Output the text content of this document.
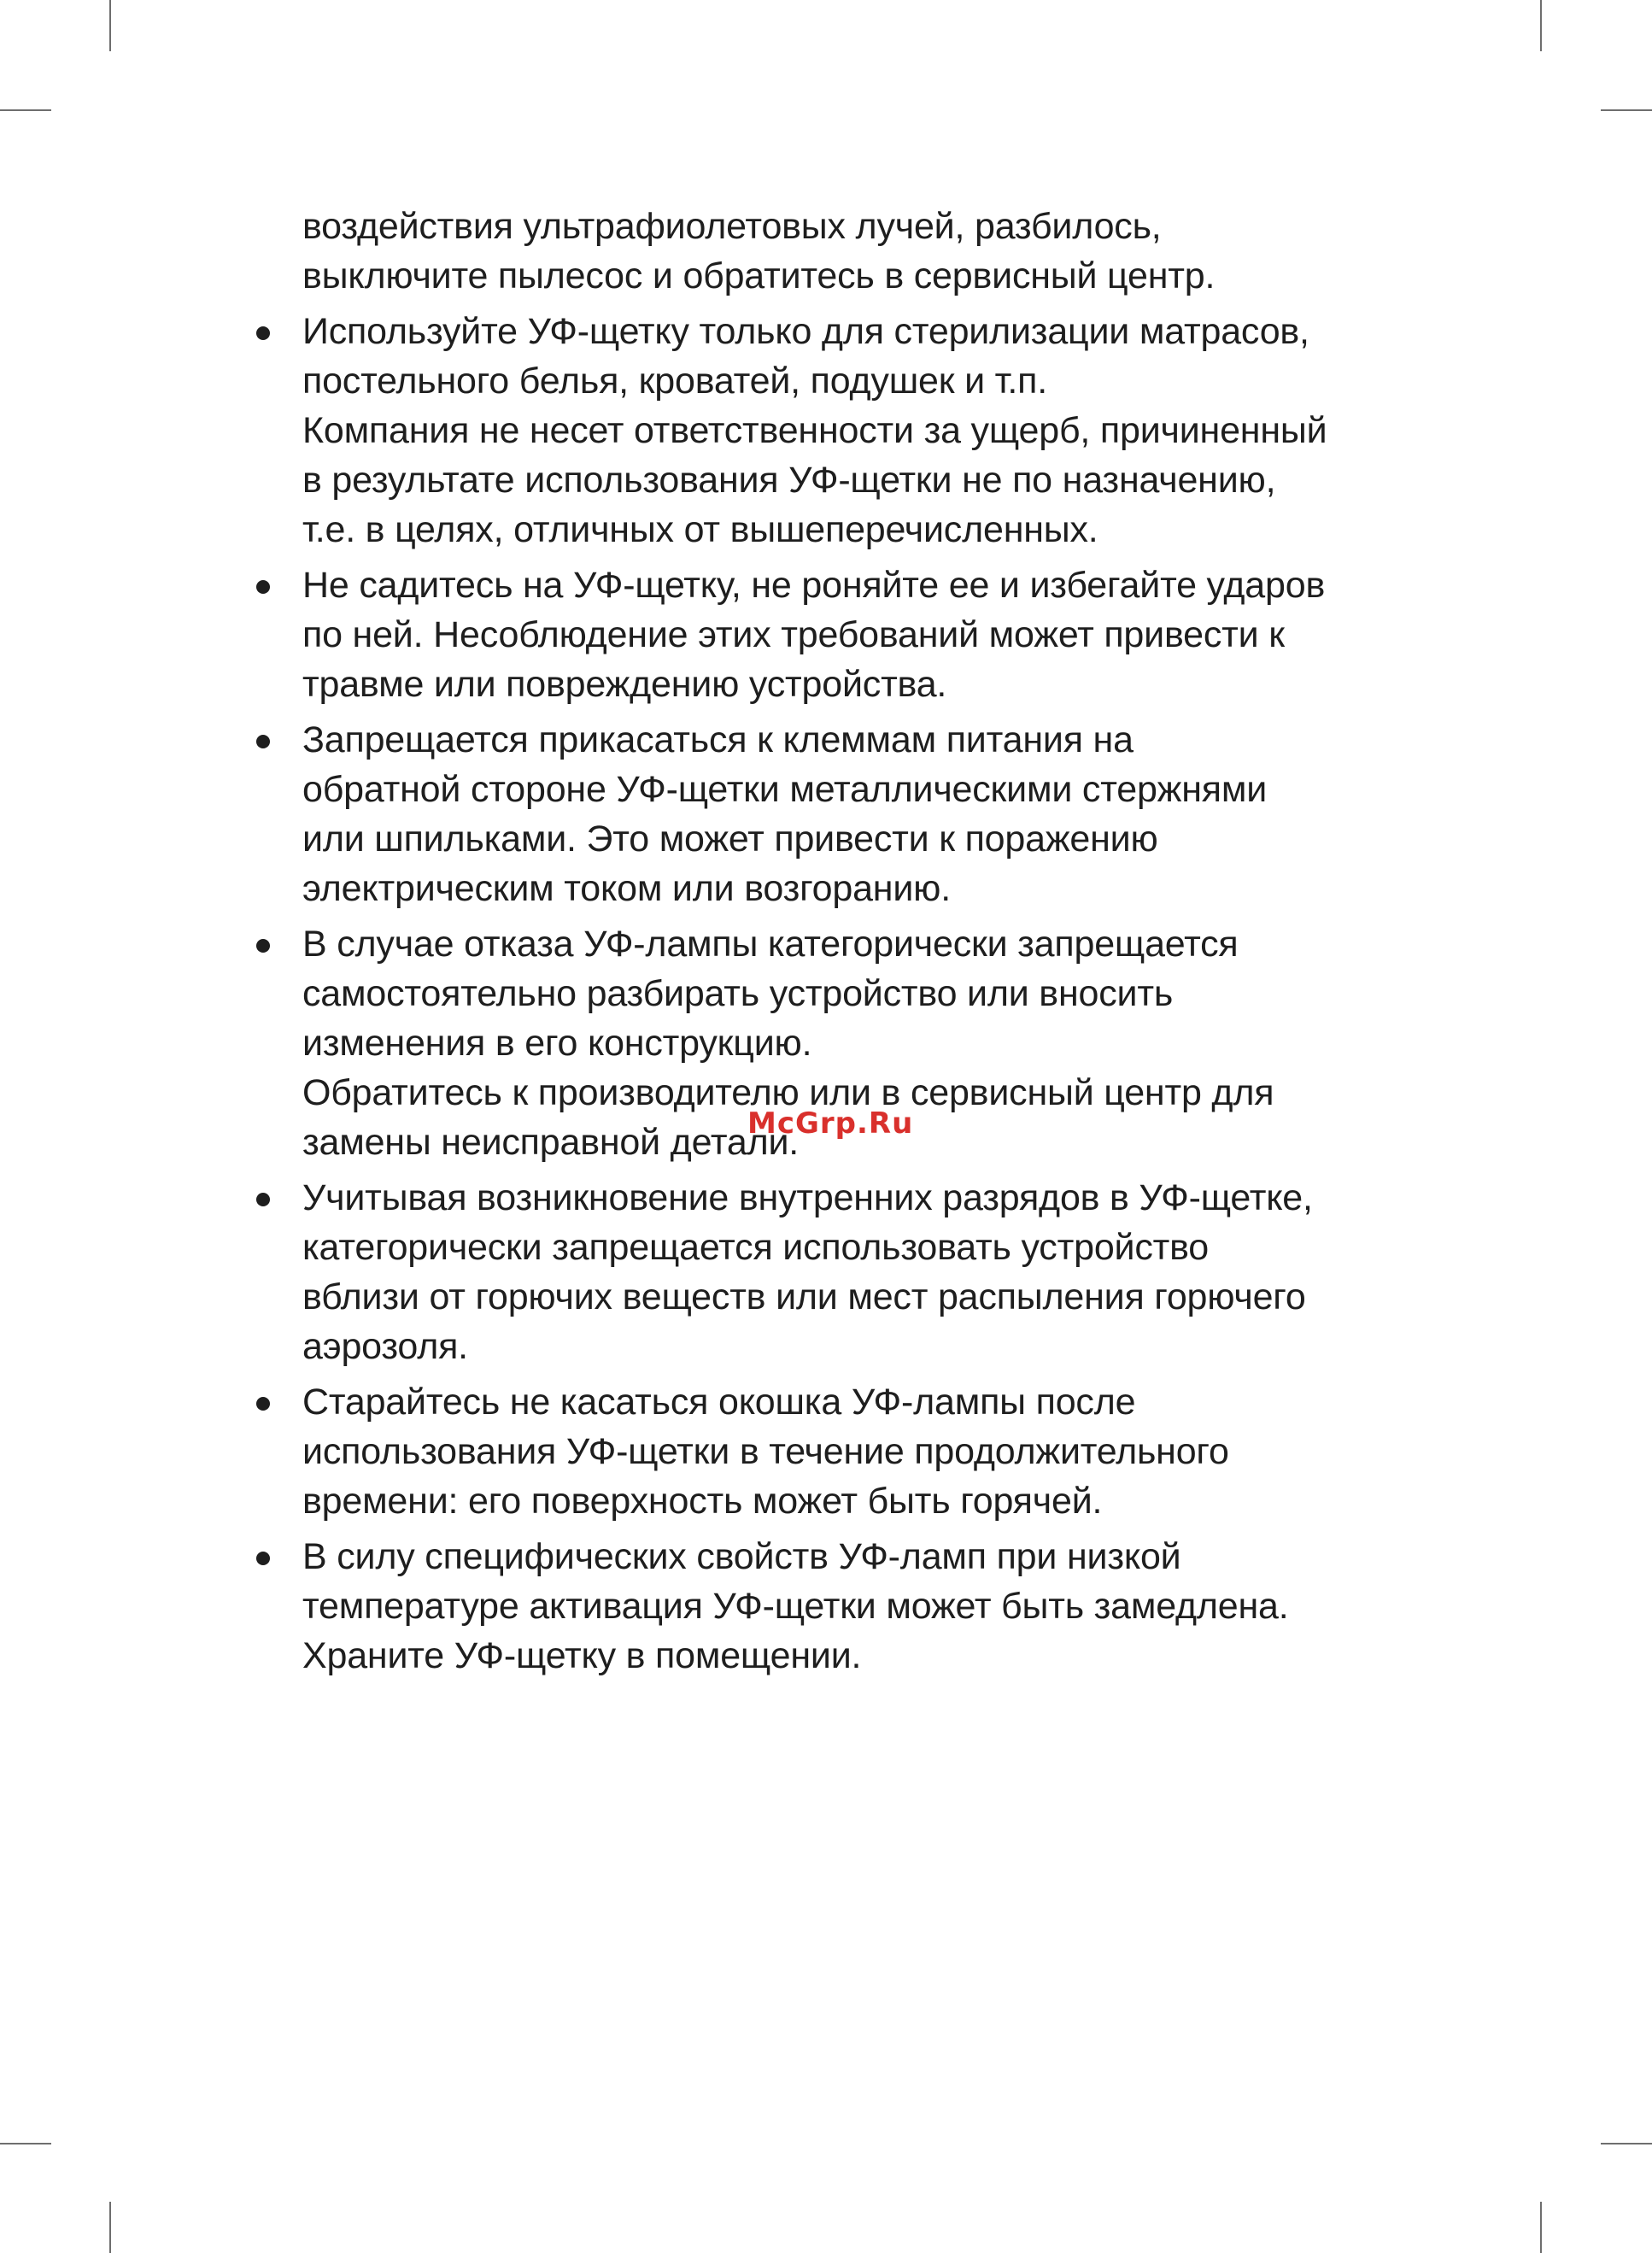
воздействия ультрафиолетовых лучей, разбилось,
выключите пылесос и обратитесь в сервисный центр.
Используйте УФ-щетку только для стерилизации матрасов,
постельного белья, кроватей, подушек и т.п.
Компания не несет ответственности за ущерб, причиненный
в результате использования УФ-щетки не по назначению,
т.е. в целях, отличных от вышеперечисленных.
Не садитесь на УФ-щетку, не роняйте ее и избегайте ударов
по ней. Несоблюдение этих требований может привести к
травме или повреждению устройства.
Запрещается прикасаться к клеммам питания на
обратной стороне УФ-щетки металлическими стержнями
или шпильками. Это может привести к поражению
электрическим током или возгоранию.
В случае отказа УФ-лампы категорически запрещается
самостоятельно разбирать устройство или вносить
изменения в его конструкцию.
Обратитесь к производителю или в сервисный центр для
замены неисправной детали.
Учитывая возникновение внутренних разрядов в УФ-щетке,
категорически запрещается использовать устройство
вблизи от горючих веществ или мест распыления горючего
аэрозоля.
Старайтесь не касаться окошка УФ-лампы после
использования УФ-щетки в течение продолжительного
времени: его поверхность может быть горячей.
В силу специфических свойств УФ-ламп при низкой
температуре активация УФ-щетки может быть замедлена.
Храните УФ-щетку в помещении.
McGrp.Ru
